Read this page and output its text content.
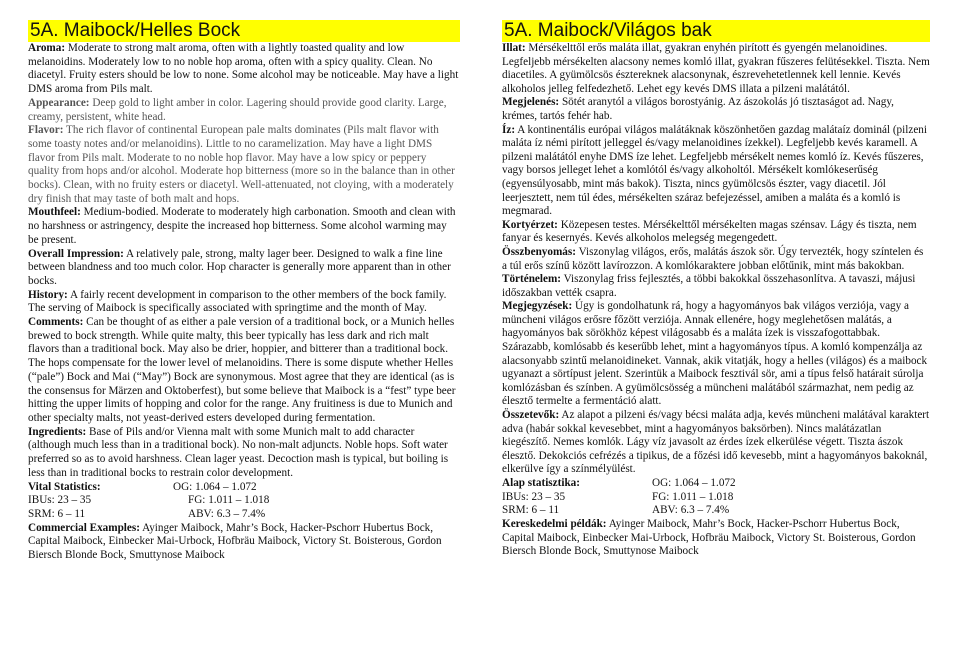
5A. Maibock/Helles Bock

Aroma: Moderate to strong malt aroma, often with a lightly toasted quality and low melanoidins. Moderately low to no noble hop aroma, often with a spicy quality. Clean. No diacetyl. Fruity esters should be low to none. Some alcohol may be noticeable. May have a light DMS aroma from Pils malt.

Appearance: Deep gold to light amber in color. Lagering should provide good clarity. Large, creamy, persistent, white head.

Flavor: The rich flavor of continental European pale malts dominates (Pils malt flavor with some toasty notes and/or melanoidins). Little to no caramelization. May have a light DMS flavor from Pils malt. Moderate to no noble hop flavor. May have a low spicy or peppery quality from hops and/or alcohol. Moderate hop bitterness (more so in the balance than in other bocks). Clean, with no fruity esters or diacetyl. Well-attenuated, not cloying, with a moderately dry finish that may taste of both malt and hops.

Mouthfeel: Medium-bodied. Moderate to moderately high carbonation. Smooth and clean with no harshness or astringency, despite the increased hop bitterness. Some alcohol warming may be present.

Overall Impression: A relatively pale, strong, malty lager beer. Designed to walk a fine line between blandness and too much color. Hop character is generally more apparent than in other bocks.

History: A fairly recent development in comparison to the other members of the bock family. The serving of Maibock is specifically associated with springtime and the month of May.

Comments: Can be thought of as either a pale version of a traditional bock, or a Munich helles brewed to bock strength. While quite malty, this beer typically has less dark and rich malt flavors than a traditional bock. May also be drier, hoppier, and bitterer than a traditional bock. The hops compensate for the lower level of melanoidins. There is some dispute whether Helles (“pale”) Bock and Mai (“May”) Bock are synonymous. Most agree that they are identical (as is the consensus for Märzen and Oktoberfest), but some believe that Maibock is a “fest” type beer hitting the upper limits of hopping and color for the range. Any fruitiness is due to Munich and other specialty malts, not yeast-derived esters developed during fermentation.

Ingredients: Base of Pils and/or Vienna malt with some Munich malt to add character (although much less than in a traditional bock). No non-malt adjuncts. Noble hops. Soft water preferred so as to avoid harshness. Clean lager yeast. Decoction mash is typical, but boiling is less than in traditional bocks to restrain color development.

Vital Statistics:	OG: 1.064 – 1.072

IBUs: 23 – 35	FG: 1.011 – 1.018

SRM: 6 – 11	ABV: 6.3 – 7.4%

Commercial Examples: Ayinger Maibock, Mahr’s Bock, Hacker-Pschorr Hubertus Bock, Capital Maibock, Einbecker Mai-Urbock, Hofbräu Maibock, Victory St. Boisterous, Gordon Biersch Blonde Bock, Smuttynose Maibock

5A. Maibock/Világos bak

Illat: Mérsékelttől erős maláta illat, gyakran enyhén pirított és gyengén melanoidines. Legfeljebb mérsékelten alacsony nemes komló illat, gyakran fűszeres felütésekkel. Tiszta. Nem diacetiles. A gyümölcsös észtereknek alacsonynak, észrevehetetlennek kell lennie. Kevés alkoholos jelleg felfedezhető. Lehet egy kevés DMS illata a pilzeni malátától.

Megjelenés: Sötét aranytól a világos borostyánig. Az ászokolás jó tisztaságot ad. Nagy, krémes, tartós fehér hab.

Íz: A kontinentális európai világos malátáknak köszönhetően gazdag malátaíz dominál (pilzeni maláta íz némi pirított jelleggel és/vagy melanoidines ízekkel). Legfeljebb kevés karamell. A pilzeni malátától enyhe DMS íze lehet. Legfeljebb mérsékelt nemes komló íz. Kevés fűszeres, vagy borsos jelleget lehet a komlótól és/vagy alkoholtól. Mérsékelt komlókeserűség (egyensúlyosabb, mint más bakok). Tiszta, nincs gyümölcsös észter, vagy diacetil. Jól leerjesztett, nem túl édes, mérsékelten száraz befejezéssel, amiben a maláta és a komló is megmarad.

Kortyérzet: Közepesen testes. Mérsékelttől mérsékelten magas szénsav. Lágy és tiszta, nem fanyar és kesernyés. Kevés alkoholos melegség megengedett.

Összbenyomás: Viszonylag világos, erős, malátás ászok sör. Úgy tervezték, hogy színtelen és a túl erős színű között lavírozzon. A komlókaraktere jobban előtűnik, mint más bakokban.

Történelem: Viszonylag friss fejlesztés, a többi bakokkal összehasonlítva. A tavaszi, májusi időszakban vették csapra.

Megjegyzések: Úgy is gondolhatunk rá, hogy a hagyományos bak világos verziója, vagy a müncheni világos erősre főzött verziója. Annak ellenére, hogy meglehetősen malátás, a hagyományos bak sörökhöz képest világosabb és a maláta ízek is visszafogottabbak. Szárazabb, komlósabb és keserűbb lehet, mint a hagyományos típus. A komló kompenzálja az alacsonyabb szintű melanoidineket. Vannak, akik vitatják, hogy a helles (világos) és a maibock ugyanazt a sörtípust jelent. Szerintük a Maibock fesztivál sör, ami a típus felső határait súrolja komlózásban és színben. A gyümölcsösség a müncheni malátából származhat, nem pedig az élesztő termelte a fermentáció alatt.

Összetevők: Az alapot a pilzeni és/vagy bécsi maláta adja, kevés müncheni malátával karaktert adva (habár sokkal kevesebbet, mint a hagyományos baksörben). Nincs malátázatlan kiegészítő. Nemes komlók. Lágy víz javasolt az érdes ízek elkerülése végett. Tiszta ászok élesztő. Dekokciós cefrézés a tipikus, de a főzési idő kevesebb, mint a hagyományos bakoknál, elkerülve így a színmélyülést.

Alap statisztika:	OG: 1.064 – 1.072

IBUs: 23 – 35	FG: 1.011 – 1.018

SRM: 6 – 11	ABV: 6.3 – 7.4%

Kereskedelmi példák: Ayinger Maibock, Mahr’s Bock, Hacker-Pschorr Hubertus Bock, Capital Maibock, Einbecker Mai-Urbock, Hofbräu Maibock, Victory St. Boisterous, Gordon Biersch Blonde Bock, Smuttynose Maibock
